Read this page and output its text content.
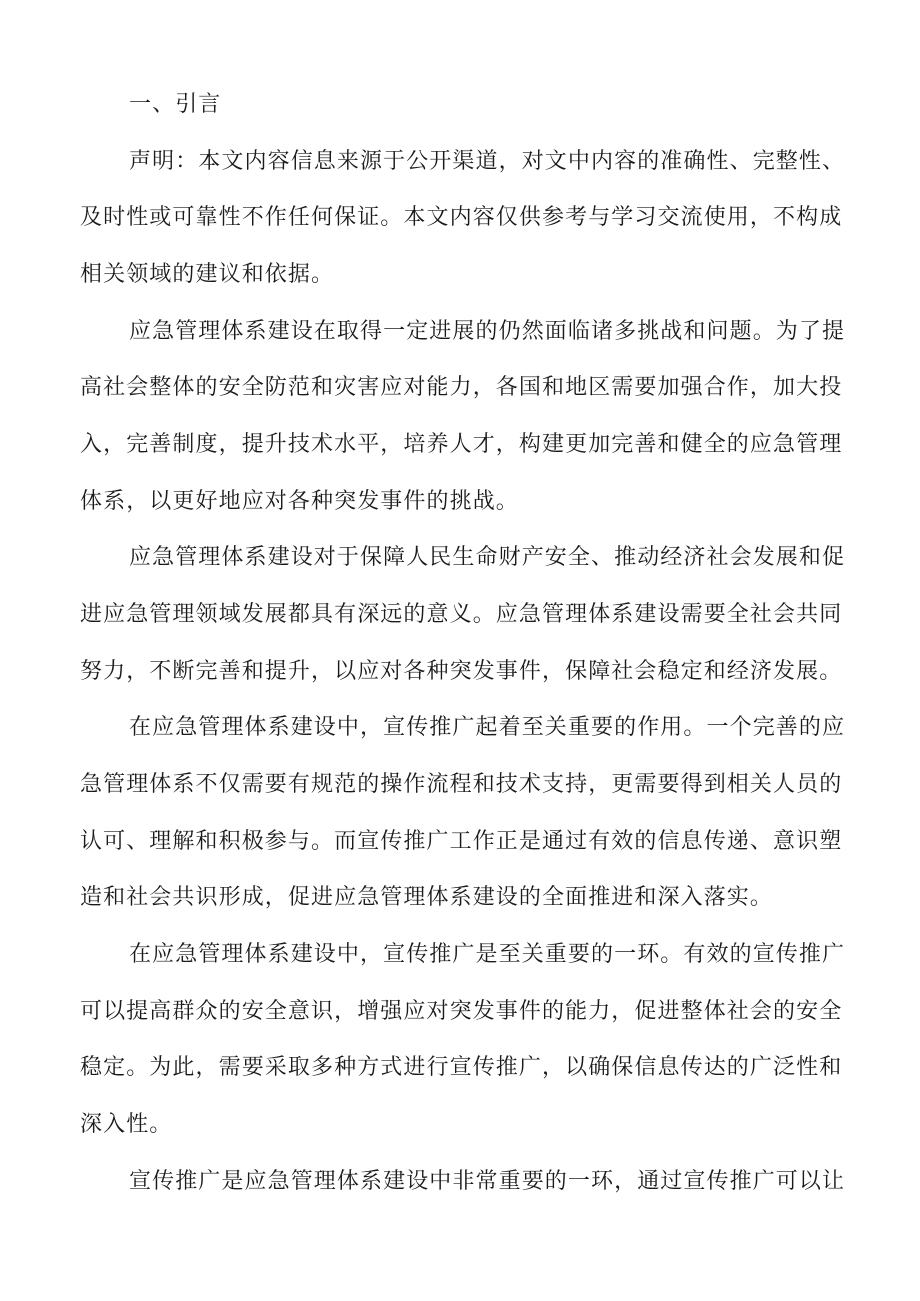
一、引言
声明：本文内容信息来源于公开渠道，对文中内容的准确性、完整性、
及时性或可靠性不作任何保证。本文内容仅供参考与学习交流使用，不构成
相关领域的建议和依据。
应急管理体系建设在取得一定进展的仍然面临诸多挑战和问题。为了提
高社会整体的安全防范和灾害应对能力，各国和地区需要加强合作，加大投
入，完善制度，提升技术水平，培养人才，构建更加完善和健全的应急管理
体系，以更好地应对各种突发事件的挑战。
应急管理体系建设对于保障人民生命财产安全、推动经济社会发展和促
进应急管理领域发展都具有深远的意义。应急管理体系建设需要全社会共同
努力，不断完善和提升，以应对各种突发事件，保障社会稳定和经济发展。
在应急管理体系建设中，宣传推广起着至关重要的作用。一个完善的应
急管理体系不仅需要有规范的操作流程和技术支持，更需要得到相关人员的
认可、理解和积极参与。而宣传推广工作正是通过有效的信息传递、意识塑
造和社会共识形成，促进应急管理体系建设的全面推进和深入落实。
在应急管理体系建设中，宣传推广是至关重要的一环。有效的宣传推广
可以提高群众的安全意识，增强应对突发事件的能力，促进整体社会的安全
稳定。为此，需要采取多种方式进行宣传推广，以确保信息传达的广泛性和
深入性。
宣传推广是应急管理体系建设中非常重要的一环，通过宣传推广可以让
